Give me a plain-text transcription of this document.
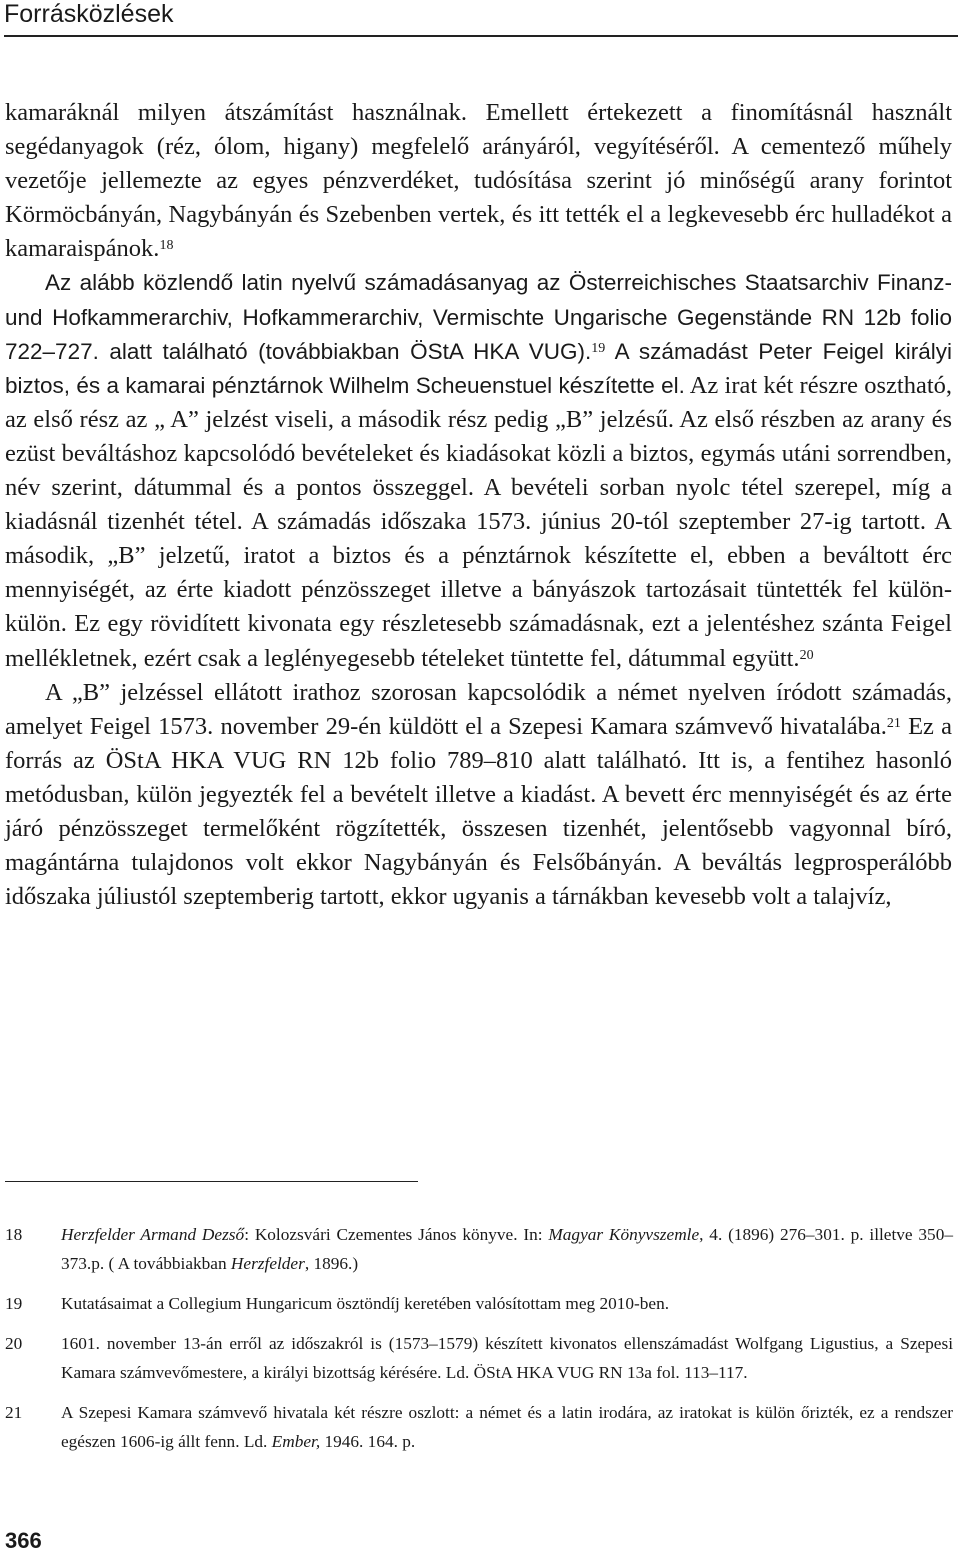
Forrásközlések

kamaráknál milyen átszámítást használnak. Emellett értekezett a finomításnál használt segédanyagok (réz, ólom, higany) megfelelő arányáról, vegyítéséről. A cementező műhely vezetője jellemezte az egyes pénzverdéket, tudósítása szerint jó minőségű arany forintot Körmöcbányán, Nagybányán és Szebenben vertek, és itt tették el a legkevesebb érc hulladékot a kamaraispánok.$^{18}$

Az alább közlendő latin nyelvű számadásanyag az Österreichisches Staatsarchiv Finanz- und Hofkammerarchiv, Hofkammerarchiv, Vermischte Ungarische Gegenstände RN 12b folio 722–727. alatt található (továbbiakban ÖStA HKA VUG).$^{19}$ A számadást Peter Feigel királyi biztos, és a kamarai pénztárnok Wilhelm Scheuenstuel készítette el. Az irat két részre osztható, az első rész az „ A” jelzést viseli, a második rész pedig „B” jelzésű. Az első részben az arany és ezüst beváltáshoz kapcsolódó bevételeket és kiadásokat közli a biztos, egymás utáni sorrendben, név szerint, dátummal és a pontos összeggel. A bevételi sorban nyolc tétel szerepel, míg a kiadásnál tizenhét tétel. A számadás időszaka 1573. június 20-tól szeptember 27-ig tartott. A második, „B” jelzetű, iratot a biztos és a pénztárnok készítette el, ebben a beváltott érc mennyiségét, az érte kiadott pénzösszeget illetve a bányászok tartozásait tüntették fel külön-külön. Ez egy rövidített kivonata egy részletesebb számadásnak, ezt a jelentéshez szánta Feigel mellékletnek, ezért csak a leglényegesebb tételeket tüntette fel, dátummal együtt.$^{20}$

A „B” jelzéssel ellátott irathoz szorosan kapcsolódik a német nyelven íródott számadás, amelyet Feigel 1573. november 29-én küldött el a Szepesi Kamara számvevő hivatalába.$^{21}$ Ez a forrás az ÖStA HKA VUG RN 12b folio 789–810 alatt található. Itt is, a fentihez hasonló metódusban, külön jegyezték fel a bevételt illetve a kiadást. A bevett érc mennyiségét és az érte járó pénzösszeget termelőként rögzítették, összesen tizenhét, jelentősebb vagyonnal bíró, magántárna tulajdonos volt ekkor Nagybányán és Felsőbányán. A beváltás legprosperálóbb időszaka júliustól szeptemberig tartott, ekkor ugyanis a tárnákban kevesebb volt a talajvíz,

18 Herzfelder Armand Dezső: Kolozsvári Czementes János könyve. In: Magyar Könyvszemle, 4. (1896) 276–301. p. illetve 350–373.p. ( A továbbiakban Herzfelder, 1896.)
19 Kutatásaimat a Collegium Hungaricum ösztöndíj keretében valósítottam meg 2010-ben.
20 1601. november 13-án erről az időszakról is (1573–1579) készített kivonatos ellenszámadást Wolfgang Ligustius, a Szepesi Kamara számvevőmestere, a királyi bizottság kérésére. Ld. ÖStA HKA VUG RN 13a fol. 113–117.
21 A Szepesi Kamara számvevő hivatala két részre oszlott: a német és a latin irodára, az iratokat is külön őrizték, ez a rendszer egészen 1606-ig állt fenn. Ld. Ember, 1946. 164. p.
366
